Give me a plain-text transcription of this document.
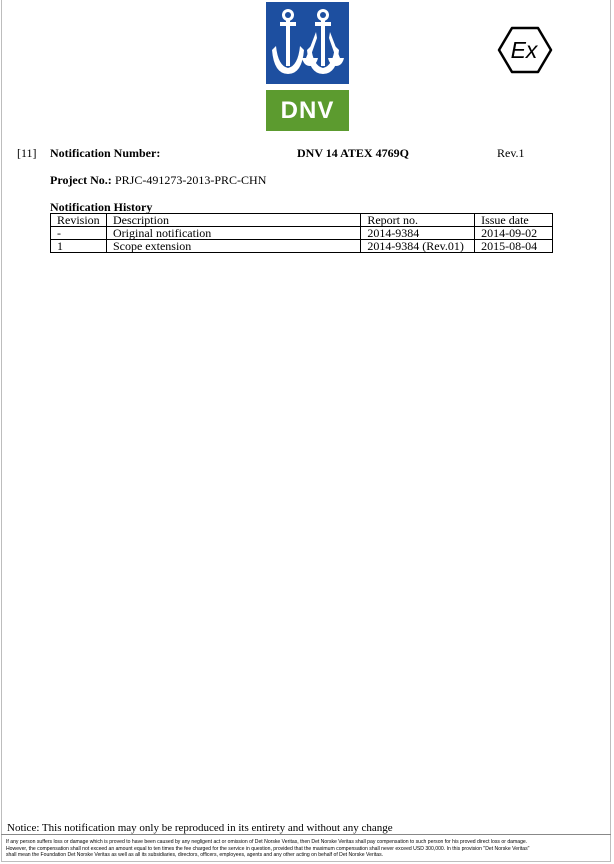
DNV
Ex
[11] Notification Number:	DNV 14 ATEX 4769Q	Rev.1
Project No.: PRJC-491273-2013-PRC-CHN
Notification History
Revision	Description	Report no.	Issue date
-	Original notification	2014-9384	2014-09-02
1	Scope extension	2014-9384 (Rev.01)	2015-08-04
Notice: This notification may only be reproduced in its entirety and without any change
If any person suffers loss or damage which is proved to have been caused by any negligent act or omission of Det Norske Veritas, then Det Norske Veritas shall pay compensation to such person for his proved direct loss or damage.
However, the compensation shall not exceed an amount equal to ten times the fee charged for the service in question, provided that the maximum compensation shall never exceed USD 300,000. In this provision "Det Norske Veritas"
shall mean the Foundation Det Norske Veritas as well as all its subsidiaries, directors, officers, employees, agents and any other acting on behalf of Det Norske Veritas.
